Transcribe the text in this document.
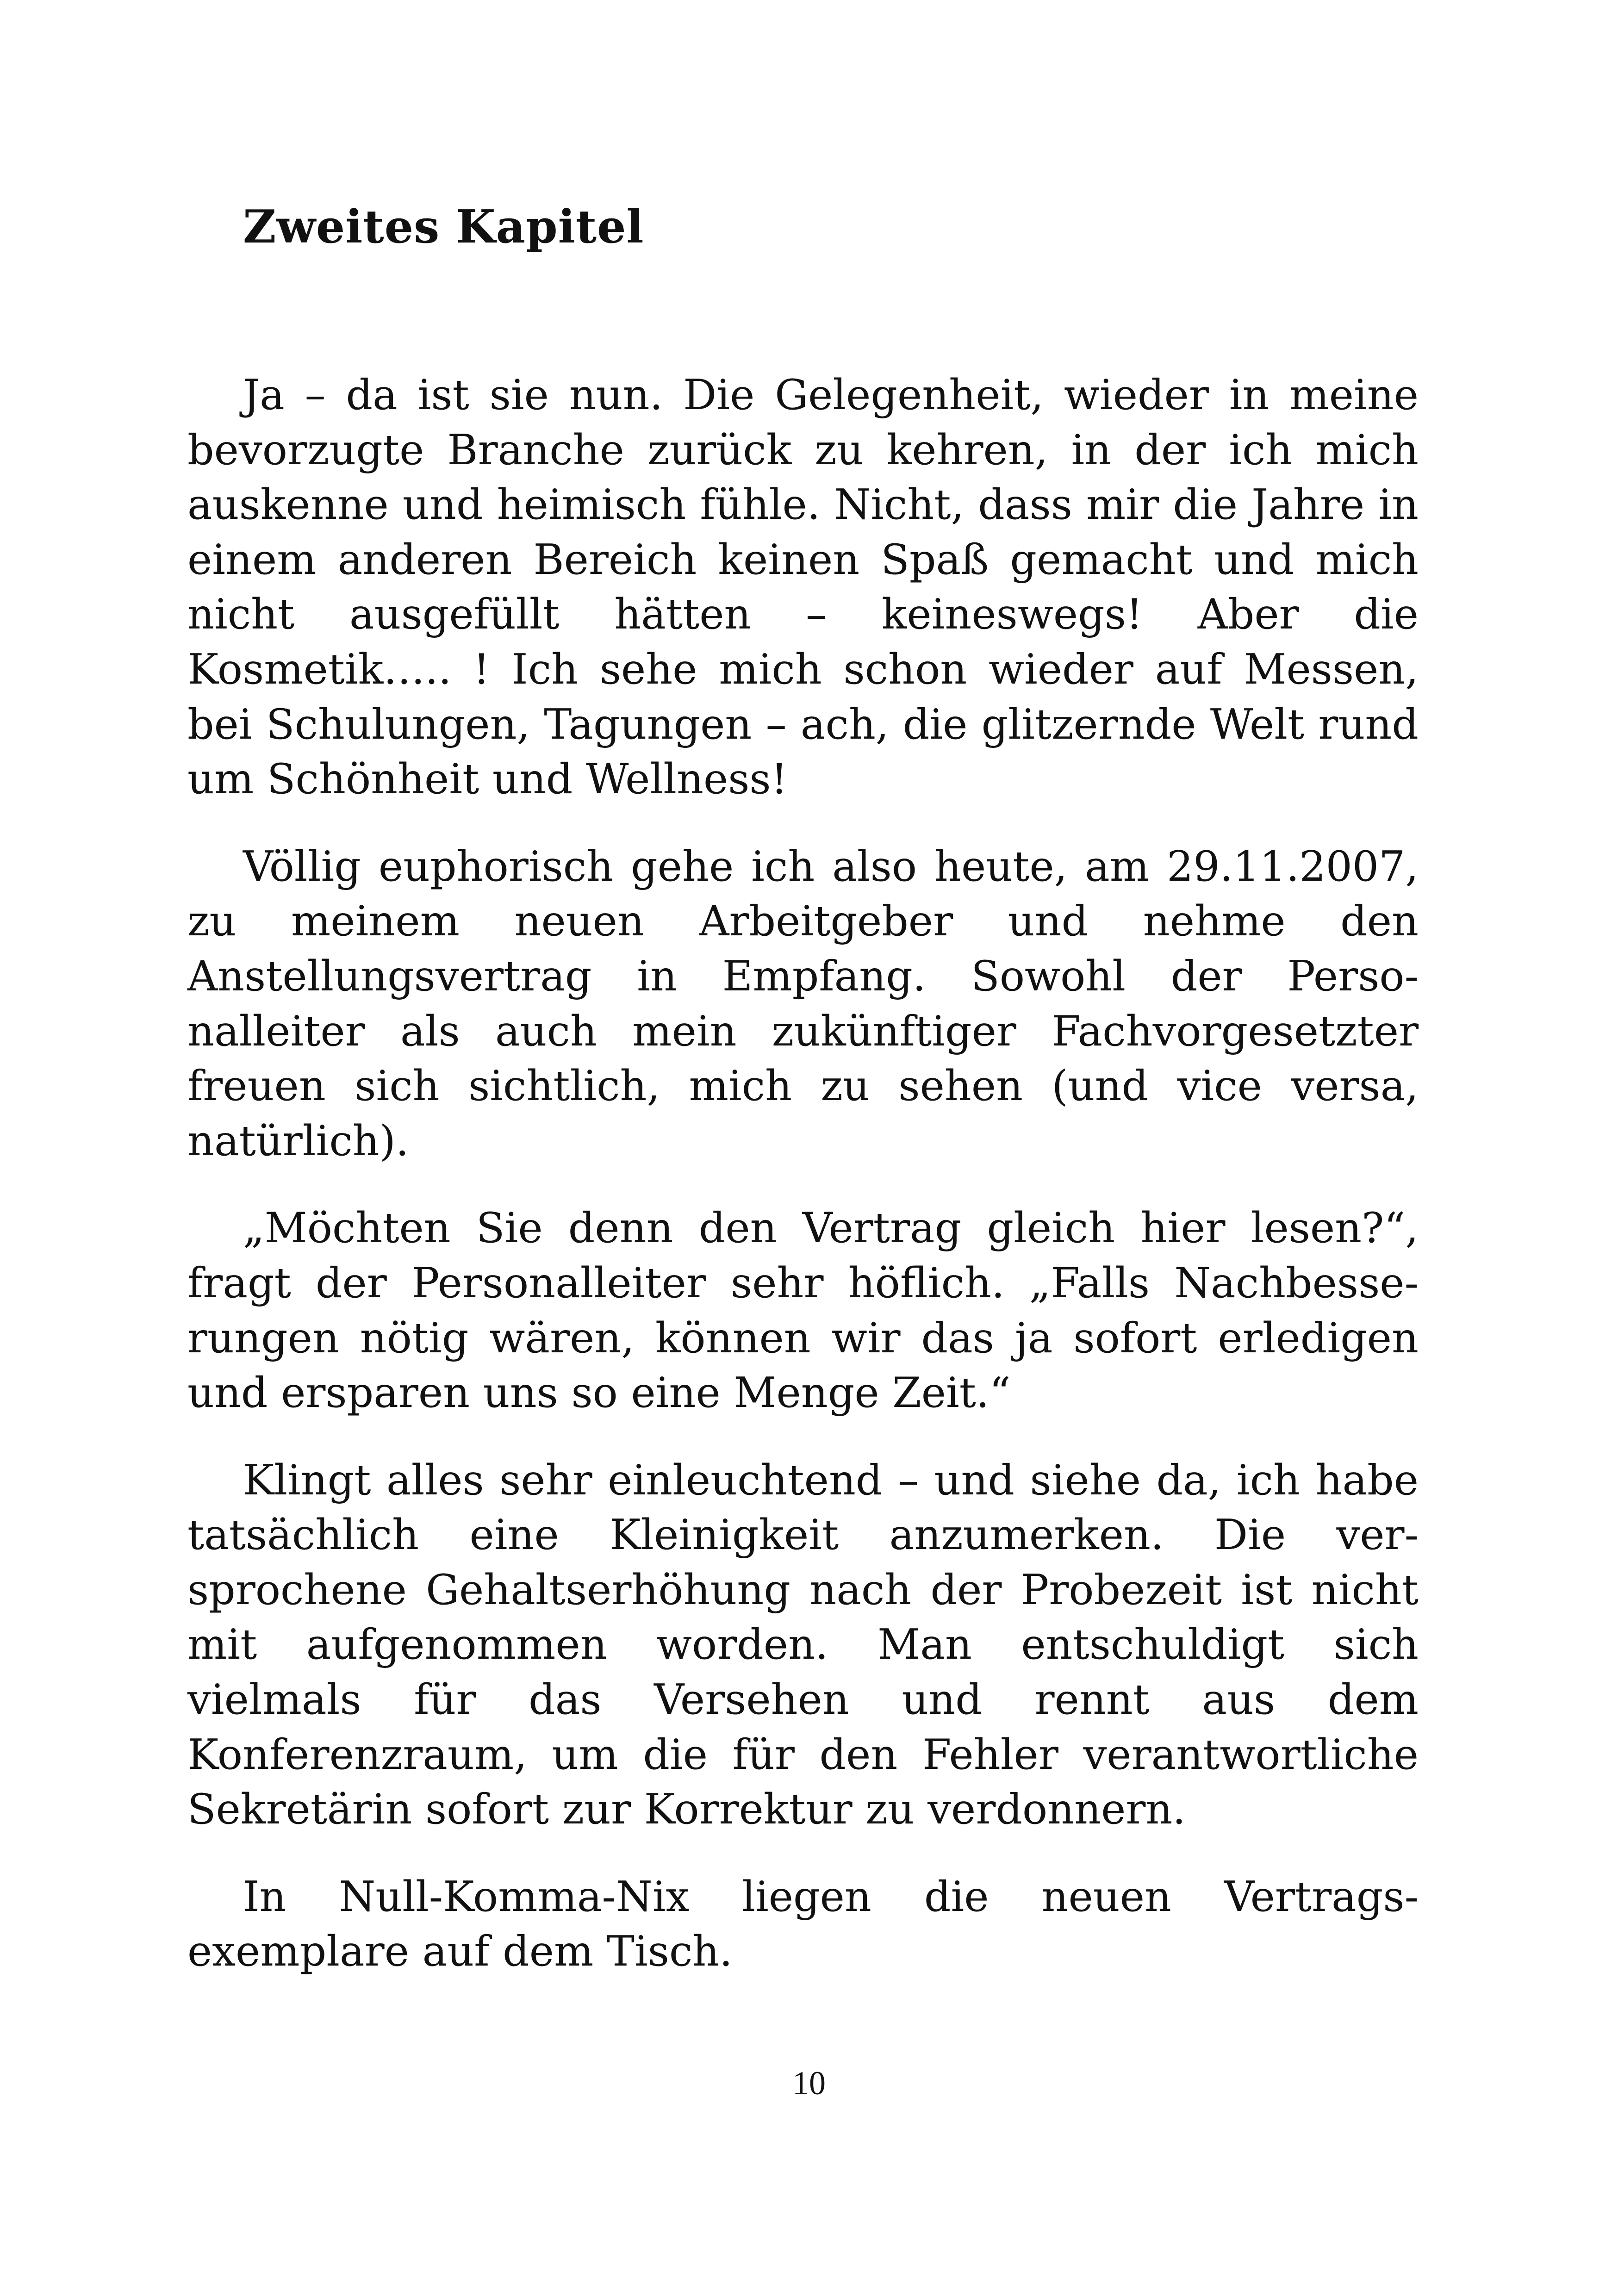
Zweites Kapitel

Ja – da ist sie nun. Die Gelegenheit, wieder in meine bevorzugte Branche zurück zu kehren, in der ich mich auskenne und heimisch fühle. Nicht, dass mir die Jahre in einem anderen Bereich keinen Spaß gemacht und mich nicht ausgefüllt hätten – keineswegs! Aber die Kosmetik….. ! Ich sehe mich schon wieder auf Messen, bei Schulungen, Tagungen – ach, die glitzernde Welt rund um Schönheit und Wellness!

Völlig euphorisch gehe ich also heute, am 29.11.2007, zu meinem neuen Arbeitgeber und nehme den Anstellungsvertrag in Empfang. Sowohl der Personalleiter als auch mein zukünftiger Fachvorgesetzter freuen sich sichtlich, mich zu sehen (und vice versa, natürlich).

„Möchten Sie denn den Vertrag gleich hier lesen?“, fragt der Personalleiter sehr höflich. „Falls Nachbesserungen nötig wären, können wir das ja sofort erledigen und ersparen uns so eine Menge Zeit.“

Klingt alles sehr einleuchtend – und siehe da, ich habe tatsächlich eine Kleinigkeit anzumerken. Die versprochene Gehaltserhöhung nach der Probezeit ist nicht mit aufgenommen worden. Man entschuldigt sich vielmals für das Versehen und rennt aus dem Konferenzraum, um die für den Fehler verantwortliche Sekretärin sofort zur Korrektur zu verdonnern.

In Null-Komma-Nix liegen die neuen Vertragsexemplare auf dem Tisch.

10
